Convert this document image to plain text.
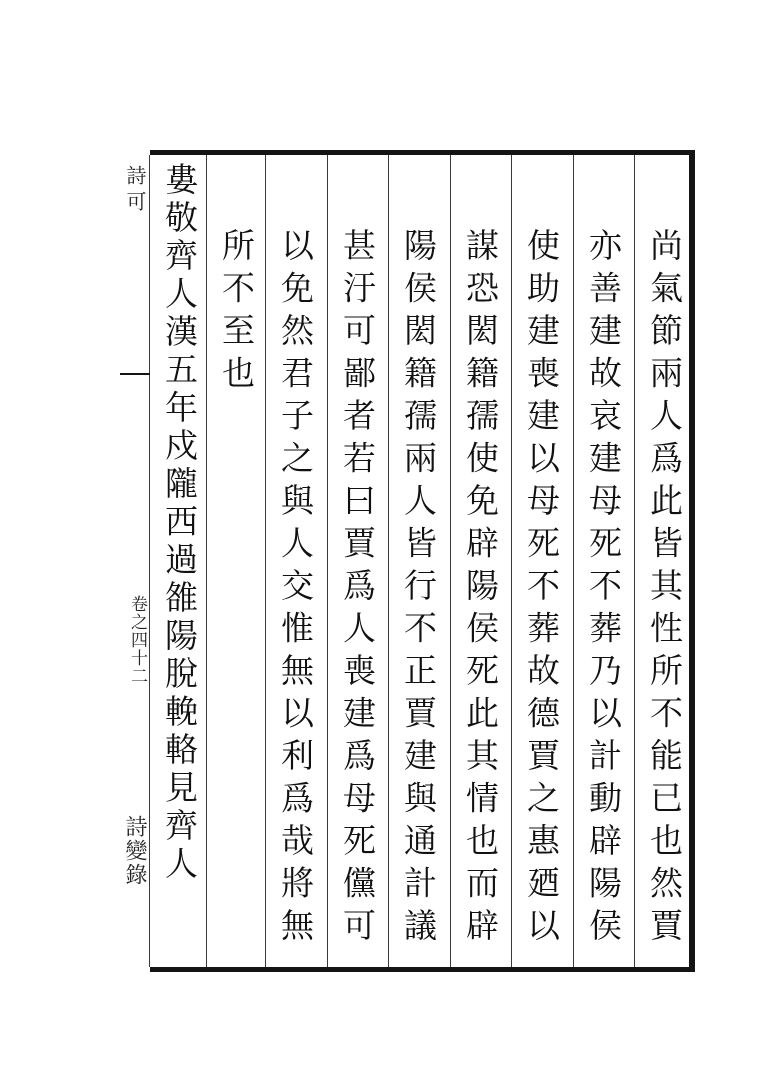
尚氣節兩人爲此皆其性所不能已也然賈
亦善建故哀建母死不葬乃以計動辟陽侯
使助建喪建以母死不葬故德賈之惠廼以
謀恐閎籍孺使免辟陽侯死此其情也而辟
陽侯閎籍孺兩人皆行不正賈建與通計議
甚汙可鄙者若曰賈爲人喪建爲母死儻可
以免然君子之與人交惟無以利爲哉將無
所不至也
婁敬齊人漢五年戍隴西過雒陽脫輓輅見齊人
詩可
卷之四十二
詩變錄
